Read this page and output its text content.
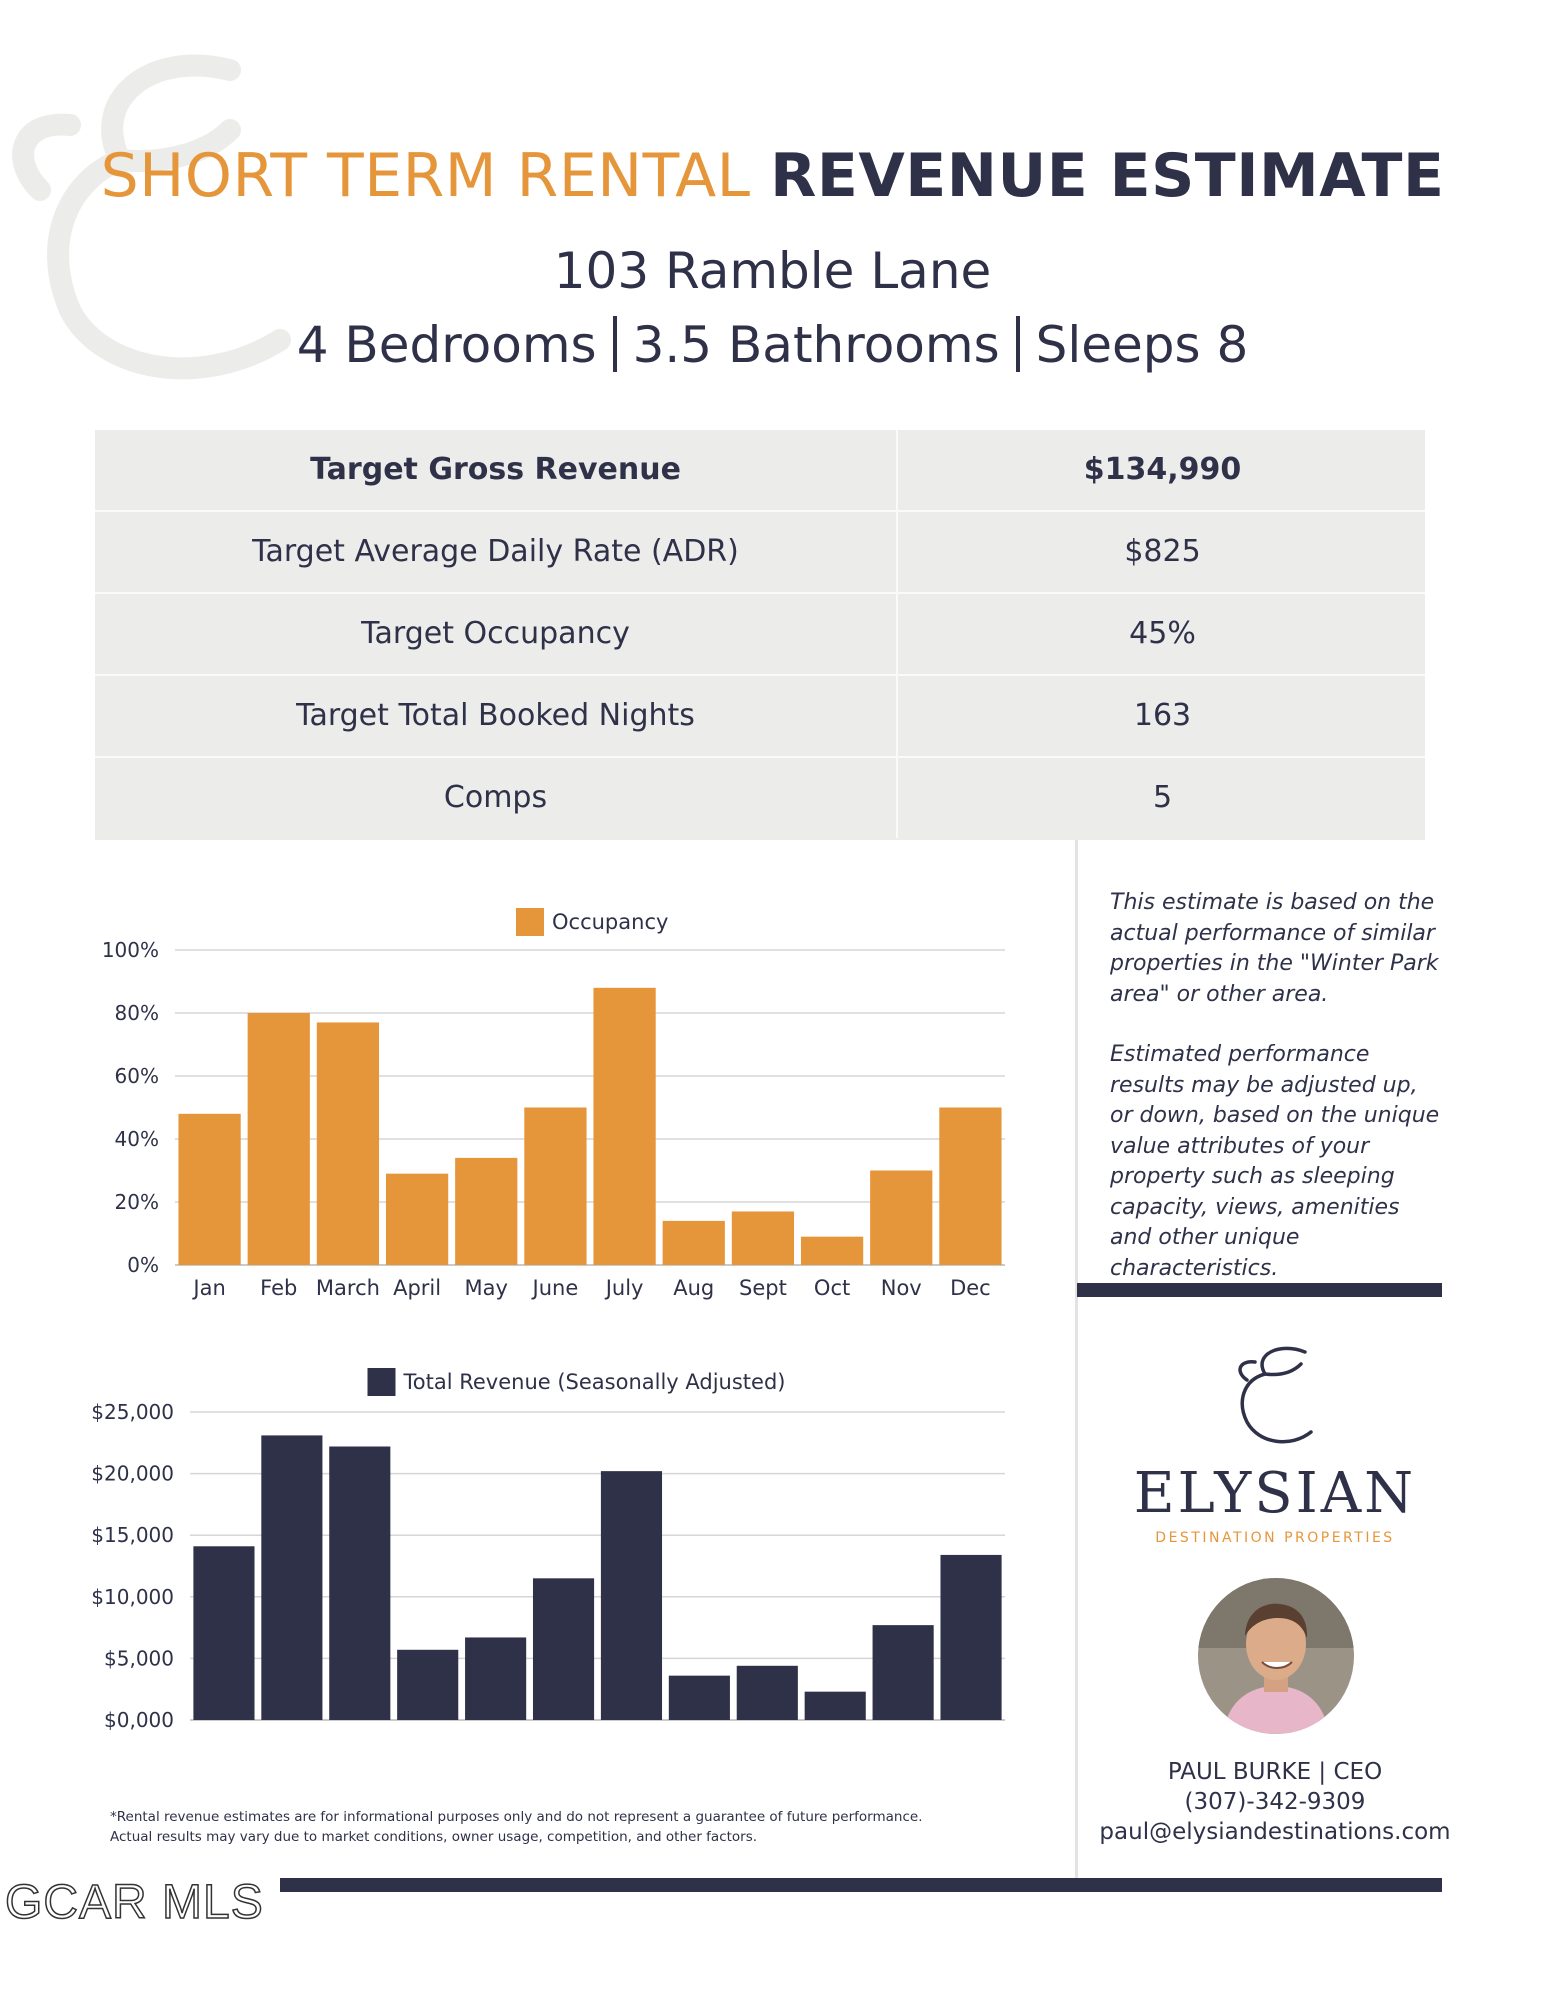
SHORT TERM RENTAL REVENUE ESTIMATE
103 Ramble Lane
4 Bedrooms 3.5 Bathrooms Sleeps 8
Target Gross Revenue	$134,990
Target Average Daily Rate (ADR)	$825
Target Occupancy	45%
Target Total Booked Nights	163
Comps	5
Occupancy
0%
20%
40%
60%
80%
100%
Jan Feb March April May June July Aug Sept Oct Nov Dec
Total Revenue (Seasonally Adjusted)
$0,000
$5,000
$10,000
$15,000
$20,000
$25,000

This estimate is based on the actual performance of similar properties in the "Winter Park area" or other area.

Estimated performance results may be adjusted up, or down, based on the unique value attributes of your property such as sleeping capacity, views, amenities and other unique characteristics.

ELYSIAN
DESTINATION PROPERTIES
PAUL BURKE | CEO
(307)-342-9309
paul@elysiandestinations.com
*Rental revenue estimates are for informational purposes only and do not represent a guarantee of future performance.
Actual results may vary due to market conditions, owner usage, competition, and other factors.
GCAR MLS
